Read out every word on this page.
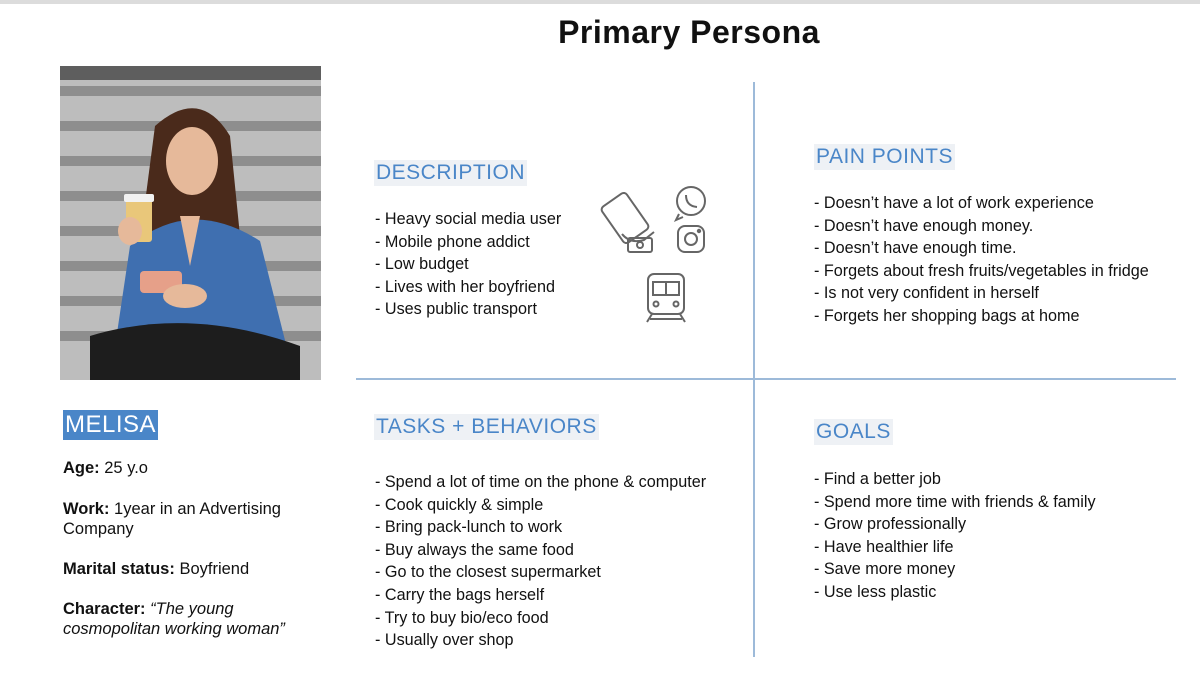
Primary Persona
MELISA
Age: 25 y.o
Work: 1year in an Advertising Company
Marital status: Boyfriend
Character: “The young cosmopolitan working woman”
DESCRIPTION
- Heavy social media user
- Mobile phone addict
- Low budget
- Lives with her boyfriend
- Uses public transport
PAIN POINTS
- Doesn’t have a lot of work experience
- Doesn’t have enough money.
- Doesn’t have enough time.
- Forgets about fresh fruits/vegetables in fridge
- Is not very confident in herself
- Forgets her shopping bags at home
TASKS + BEHAVIORS
- Spend a lot of time on the phone & computer
- Cook quickly & simple
- Bring pack-lunch to work
- Buy always the same food
- Go to the closest supermarket
- Carry the bags herself
- Try to buy bio/eco food
- Usually over shop
GOALS
- Find a better job
- Spend more time with friends & family
- Grow professionally
- Have healthier life
- Save more money
- Use less plastic
